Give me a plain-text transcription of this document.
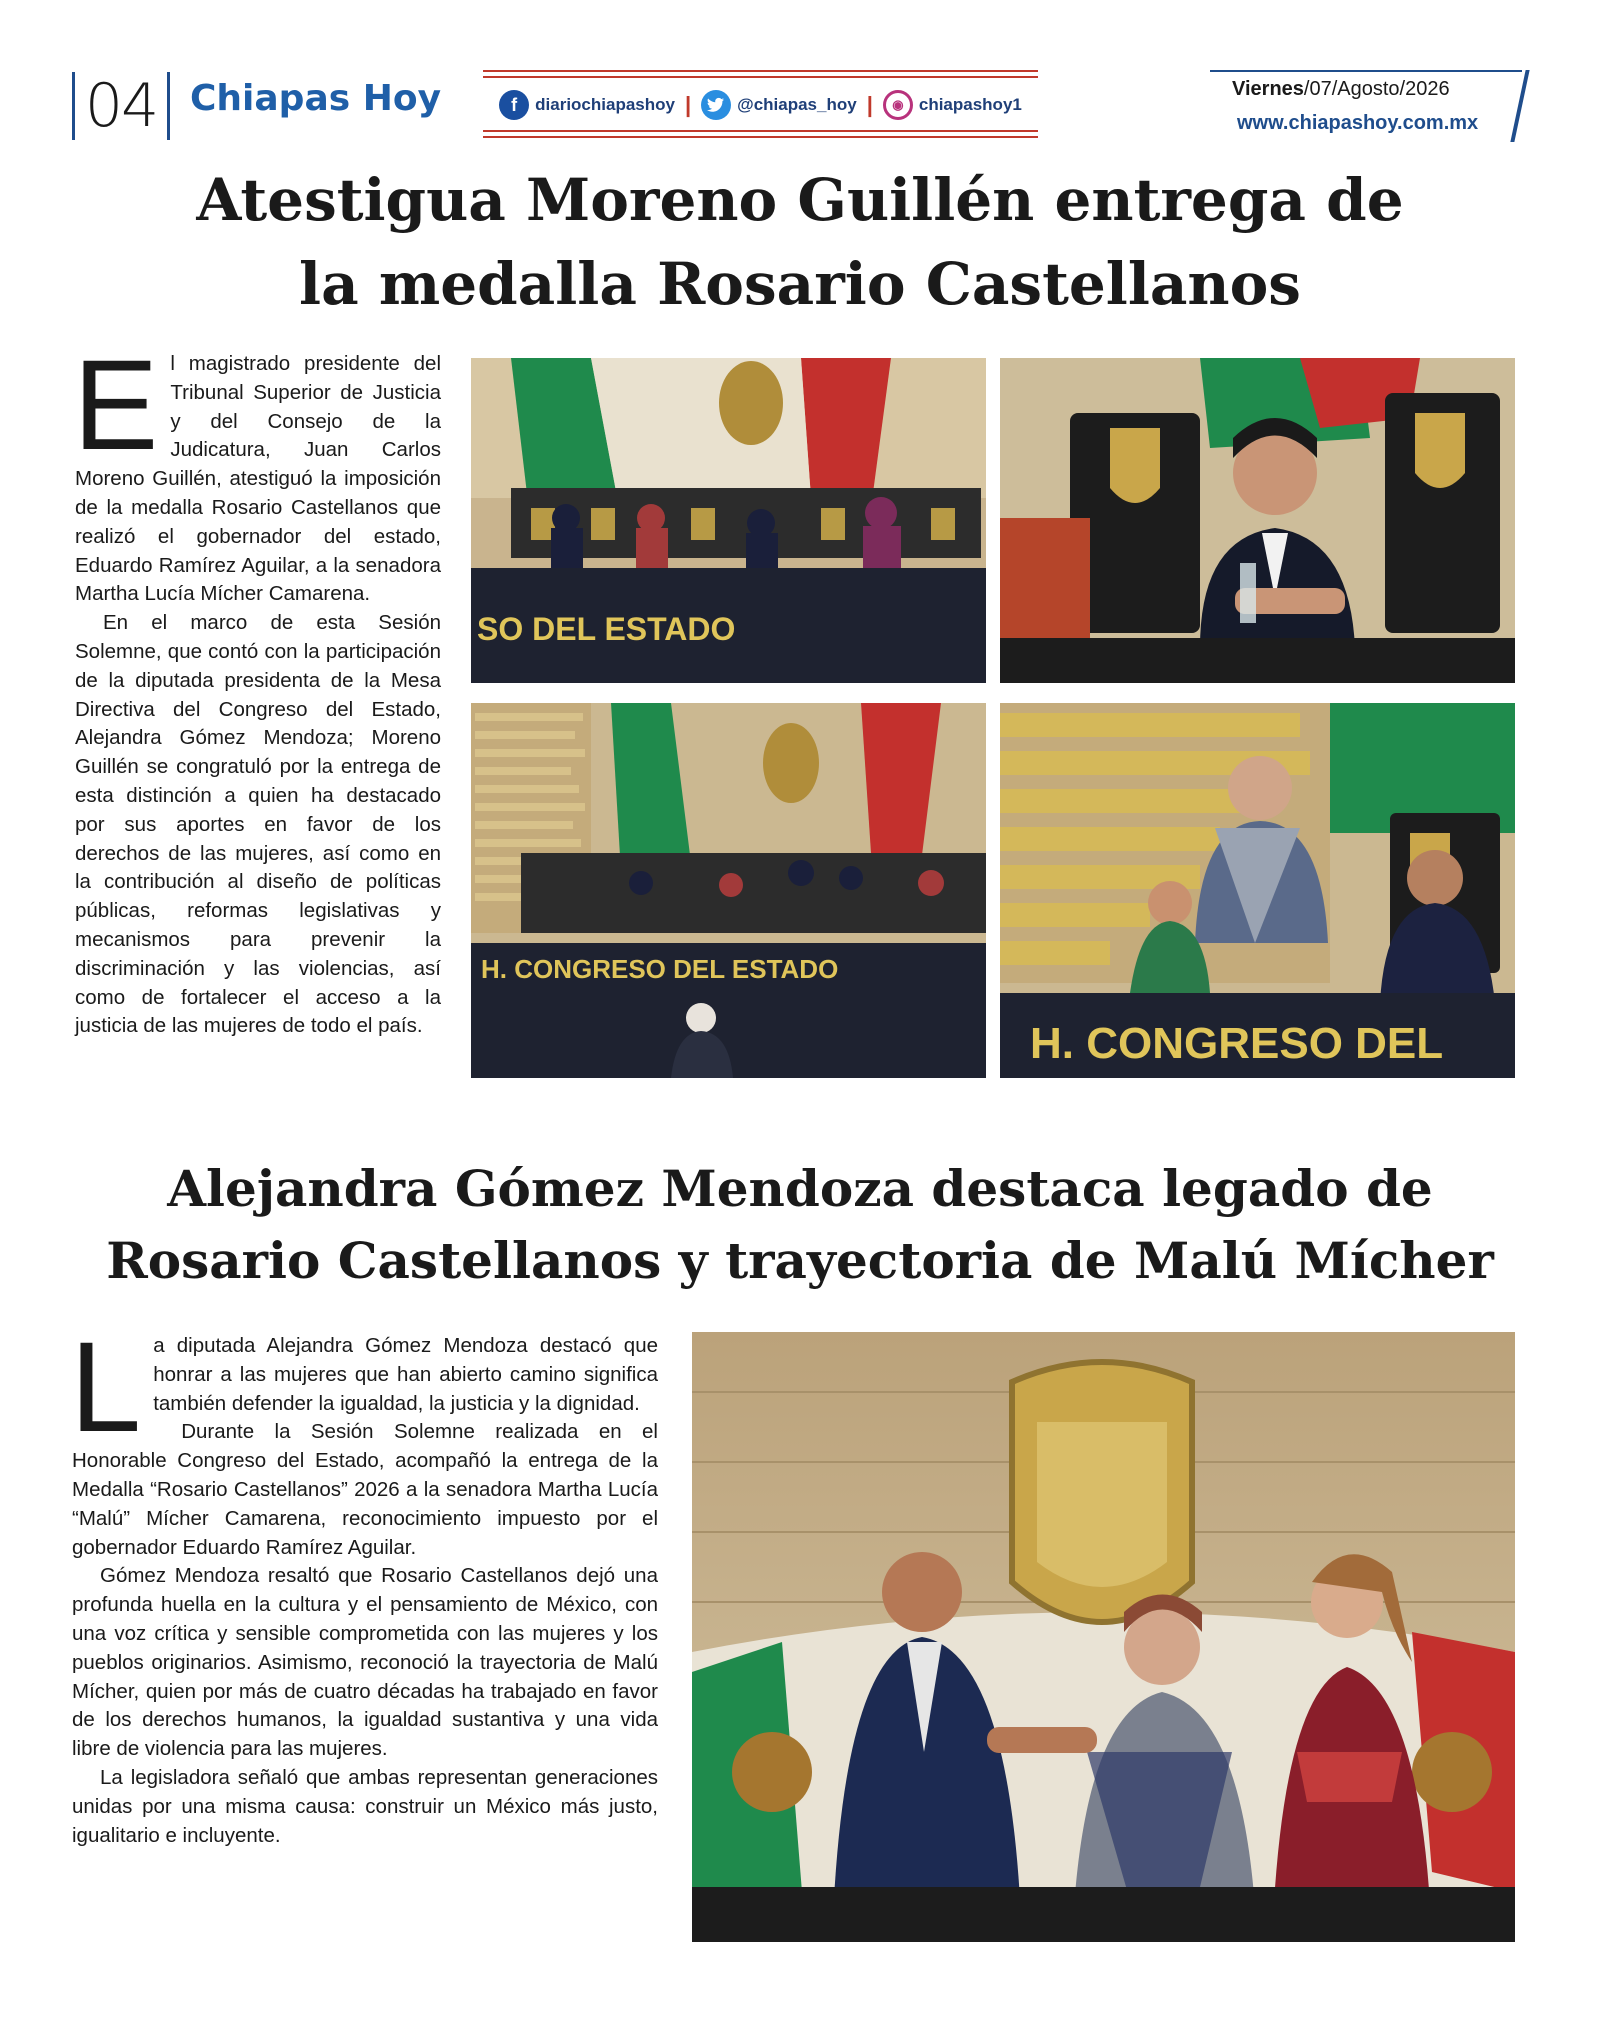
04 Chiapas Hoy	f	diariochiapashoy |	@chiapas_hoy |	◉ chiapashoy1
Viernes/07/Agosto/2026
www.chiapashoy.com.mx
Atestigua Moreno Guillén entrega de la medalla Rosario Castellanos

El magistrado presidente del Tribunal Superior de Justicia y del Consejo de la Judicatura, Juan Carlos Moreno Guillén, atestiguó la imposición de la medalla Rosario Castellanos que realizó el gobernador del estado, Eduardo Ramírez Aguilar, a la senadora Martha Lucía Mícher Camarena.

En el marco de esta Sesión Solemne, que contó con la participación de la diputada presidenta de la Mesa Directiva del Congreso del Estado, Alejandra Gómez Mendoza; Moreno Guillén se congratuló por la entrega de esta distinción a quien ha destacado por sus aportes en favor de los derechos de las mujeres, así como en la contribución al diseño de políticas públicas, reformas legislativas y mecanismos para prevenir la discriminación y las violencias, así como de fortalecer el acceso a la justicia de las mujeres de todo el país.

SO DEL ESTADO
H. CONGRESO DEL ESTADO
H. CONGRESO DEL
Alejandra Gómez Mendoza destaca legado de Rosario Castellanos y trayectoria de Malú Mícher

La diputada Alejandra Gómez Mendoza destacó que honrar a las mujeres que han abierto camino significa también defender la igualdad, la justicia y la dignidad.

Durante la Sesión Solemne realizada en el Honorable Congreso del Estado, acompañó la entrega de la Medalla “Rosario Castellanos” 2026 a la senadora Martha Lucía “Malú” Mícher Camarena, reconocimiento impuesto por el gobernador Eduardo Ramírez Aguilar.

Gómez Mendoza resaltó que Rosario Castellanos dejó una profunda huella en la cultura y el pensamiento de México, con una voz crítica y sensible comprometida con las mujeres y los pueblos originarios. Asimismo, reconoció la trayectoria de Malú Mícher, quien por más de cuatro décadas ha trabajado en favor de los derechos humanos, la igualdad sustantiva y una vida libre de violencia para las mujeres.

La legisladora señaló que ambas representan generaciones unidas por una misma causa: construir un México más justo, igualitario e incluyente.
